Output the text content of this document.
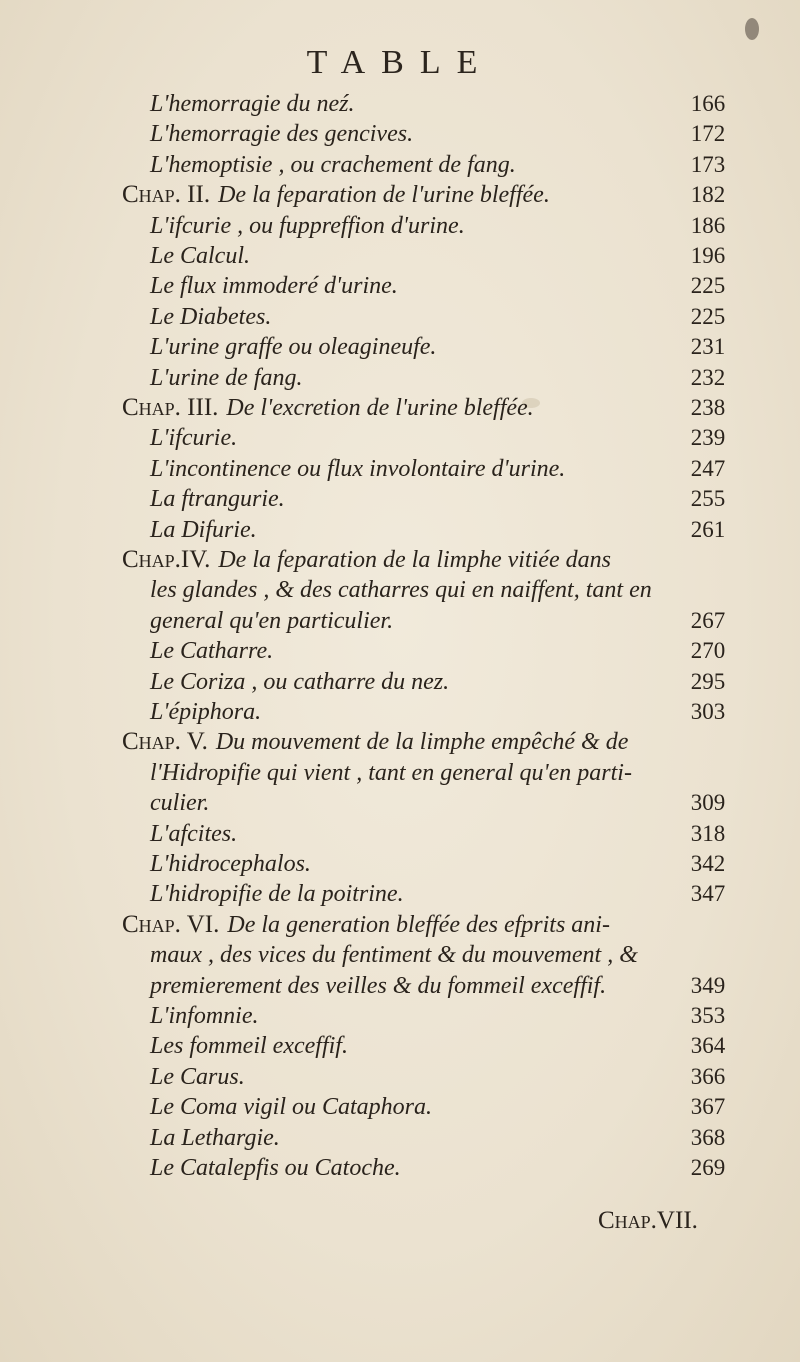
TABLE
L'hemorragie du neź.	166
L'hemorragie des gencives.	172
L'hemoptisie , ou crachement de fang.	173
Chap. II. De la feparation de l'urine bleffée.	182
L'ifcurie , ou fuppreffion d'urine.	186
Le Calcul.	196
Le flux immoderé d'urine.	225
Le Diabetes.	225
L'urine graffe ou oleagineufe.	231
L'urine de fang.	232
Chap. III. De l'excretion de l'urine bleffée.	238
L'ifcurie.	239
L'incontinence ou flux involontaire d'urine.	247
La ftrangurie.	255
La Difurie.	261
Chap.IV. De la feparation de la limphe vitiée dans
les glandes , & des catharres qui en naiffent, tant en
general qu'en particulier.	267
Le Catharre.	270
Le Coriza , ou catharre du nez.	295
L'épiphora.	303
Chap. V. Du mouvement de la limphe empêché & de
l'Hidropifie qui vient , tant en general qu'en parti-
culier.	309
L'afcites.	318
L'hidrocephalos.	342
L'hidropifie de la poitrine.	347
Chap. VI. De la generation bleffée des efprits ani-
maux , des vices du fentiment & du mouvement , &
premierement des veilles & du fommeil exceffif.	349
L'infomnie.	353
Les fommeil exceffif.	364
Le Carus.	366
Le Coma vigil ou Cataphora.	367
La Lethargie.	368
Le Catalepfis ou Catoche.	269
Chap.VII.
